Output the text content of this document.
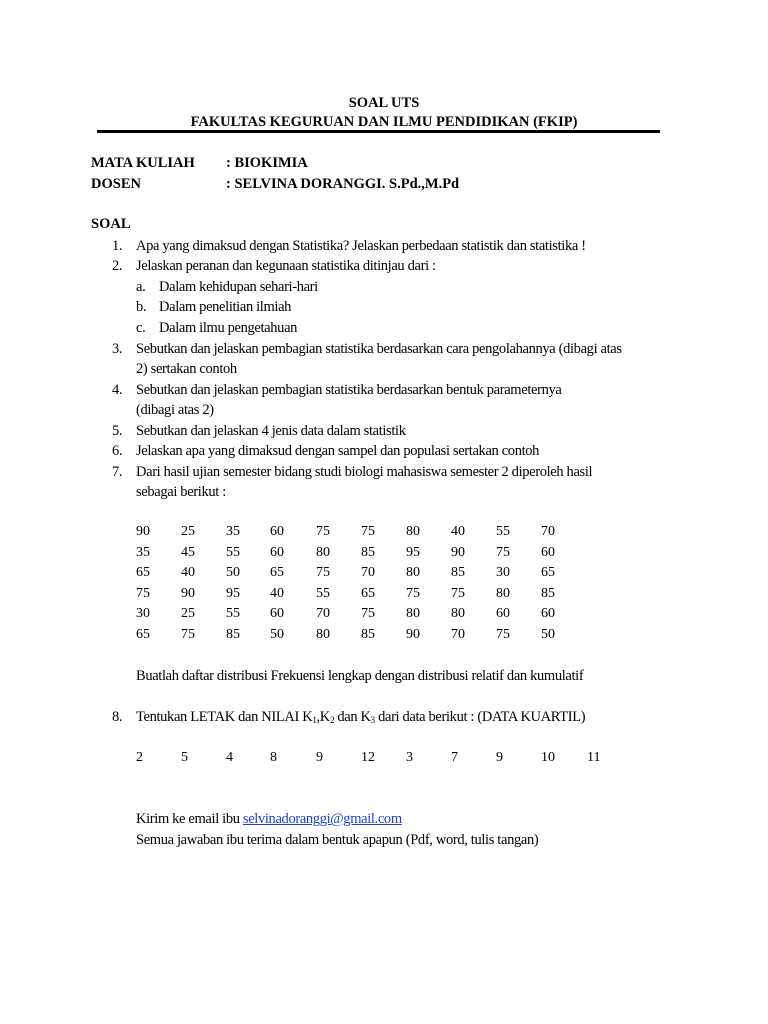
SOAL UTS
FAKULTAS KEGURUAN DAN ILMU PENDIDIKAN (FKIP)
MATA KULIAH : BIOKIMIA
DOSEN	: SELVINA DORANGGI. S.Pd.,M.Pd
SOAL
1. Apa yang dimaksud dengan Statistika? Jelaskan perbedaan statistik dan statistika !
2. Jelaskan peranan dan kegunaan statistika ditinjau dari :
a. Dalam kehidupan sehari-hari
b. Dalam penelitian ilmiah
c. Dalam ilmu pengetahuan
3. Sebutkan dan jelaskan pembagian statistika berdasarkan cara pengolahannya (dibagi atas
2) sertakan contoh
4. Sebutkan dan jelaskan pembagian statistika berdasarkan bentuk parameternya
(dibagi atas 2)
5. Sebutkan dan jelaskan 4 jenis data dalam statistik
6. Jelaskan apa yang dimaksud dengan sampel dan populasi sertakan contoh
7. Dari hasil ujian semester bidang studi biologi mahasiswa semester 2 diperoleh hasil
sebagai berikut :
90 25 35 60 75 75 80 40 55 70
35 45 55 60 80 85 95 90 75 60
65 40 50 65 75 70 80 85 30 65
75 90 95 40 55 65 75 75 80 85
30 25 55 60 70 75 80 80 60 60
65 75 85 50 80 85 90 70 75 50
Buatlah daftar distribusi Frekuensi lengkap dengan distribusi relatif dan kumulatif
8. Tentukan LETAK dan NILAI $K_1,K_2$ dan $K_3$ dari data berikut : (DATA KUARTIL)
2	5	4	8	9	12 3	7	9	10 11
Kirim ke email ibu selvinadoranggi@gmail.com
Semua jawaban ibu terima dalam bentuk apapun (Pdf, word, tulis tangan)
